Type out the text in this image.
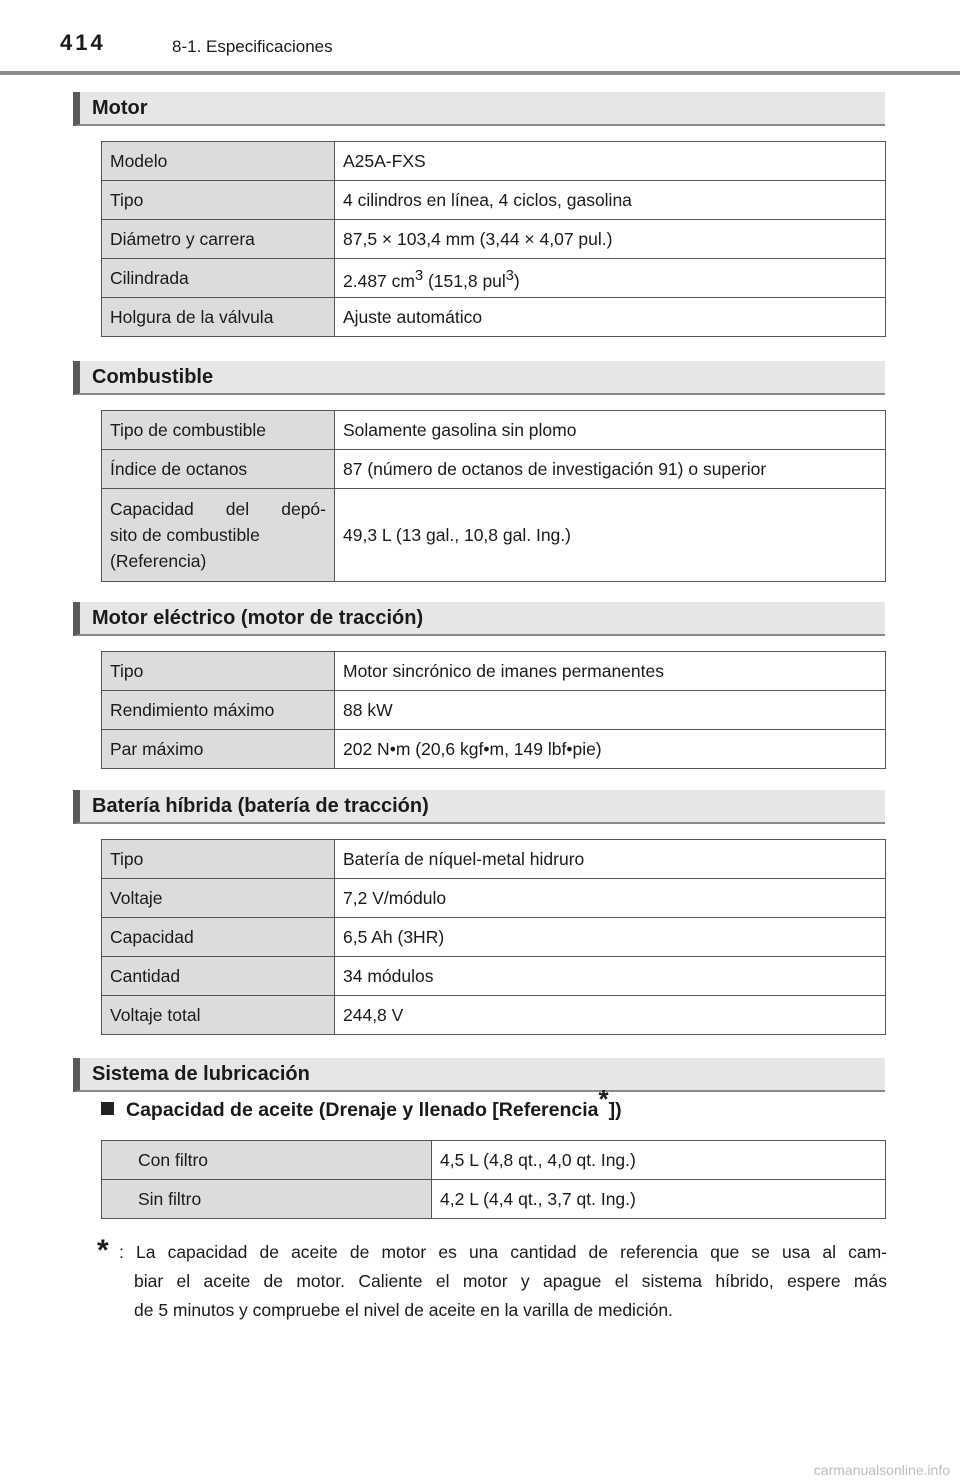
414	8-1. Especificaciones
Motor
Modelo	A25A-FXS
Tipo	4 cilindros en línea, 4 ciclos, gasolina
Diámetro y carrera	87,5 × 103,4 mm (3,44 × 4,07 pul.)
Cilindrada	2.487 $cm^3$ (151,8 pul$^3$)
Holgura de la válvula	Ajuste automático
Combustible
Tipo de combustible	Solamente gasolina sin plomo
Índice de octanos	87 (número de octanos de investigación 91) o superior

Capacidad del depó-
sito de combustible
(Referencia)	49,3 L (13 gal., 10,8 gal. Ing.)
Motor eléctrico (motor de tracción)
Tipo	Motor sincrónico de imanes permanentes
Rendimiento máximo	88 kW
Par máximo	202 N•m (20,6 kgf•m, 149 lbf•pie)
Batería híbrida (batería de tracción)
Tipo	Batería de níquel-metal hidruro
Voltaje	7,2 V/módulo
Capacidad	6,5 Ah (3HR)
Cantidad	34 módulos
Voltaje total	244,8 V
Sistema de lubricación
Capacidad de aceite (Drenaje y llenado [Referencia*])
Con filtro	4,5 L (4,8 qt., 4,0 qt. Ing.)
Sin filtro	4,2 L (4,4 qt., 3,7 qt. Ing.)
* : La capacidad de aceite de motor es una cantidad de referencia que se usa al cam-
biar el aceite de motor. Caliente el motor y apague el sistema híbrido, espere más
de 5 minutos y compruebe el nivel de aceite en la varilla de medición.
carmanualsonline.info
